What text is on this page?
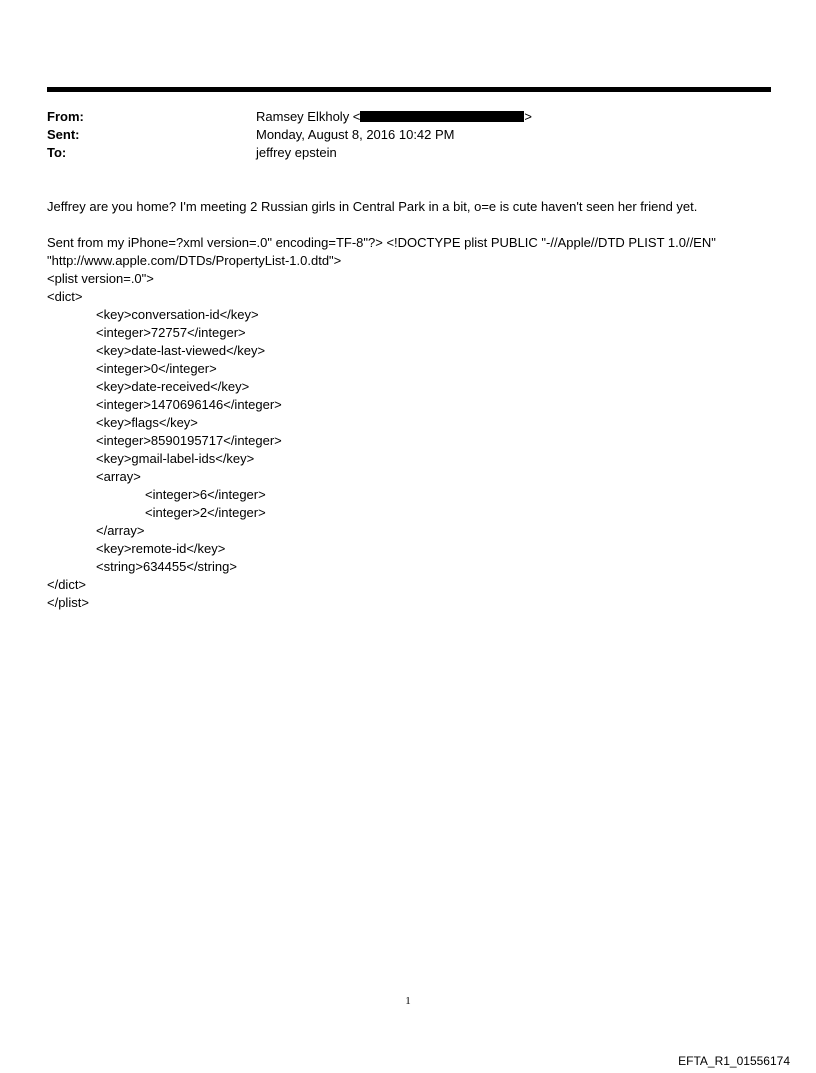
From:	Ramsey Elkholy <	>
Sent:	Monday, August 8, 2016 10:42 PM
To:	jeffrey epstein

Jeffrey are you home? I'm meeting 2 Russian girls in Central Park in a bit, o=e is cute haven't seen her friend yet.

Sent from my iPhone=?xml version=.0" encoding=TF-8"?> <!DOCTYPE plist PUBLIC "-//Apple//DTD PLIST 1.0//EN"

"http://www.apple.com/DTDs/PropertyList-1.0.dtd">

<plist version=.0">
<dict>
<key>conversation-id</key>
<integer>72757</integer>
<key>date-last-viewed</key>
<integer>0</integer>
<key>date-received</key>
<integer>1470696146</integer>
<key>flags</key>
<integer>8590195717</integer>
<key>gmail-label-ids</key>
<array>
<integer>6</integer>
<integer>2</integer>
</array>
<key>remote-id</key>
<string>634455</string>
</dict>
</plist>
1
EFTA_R1_01556174
